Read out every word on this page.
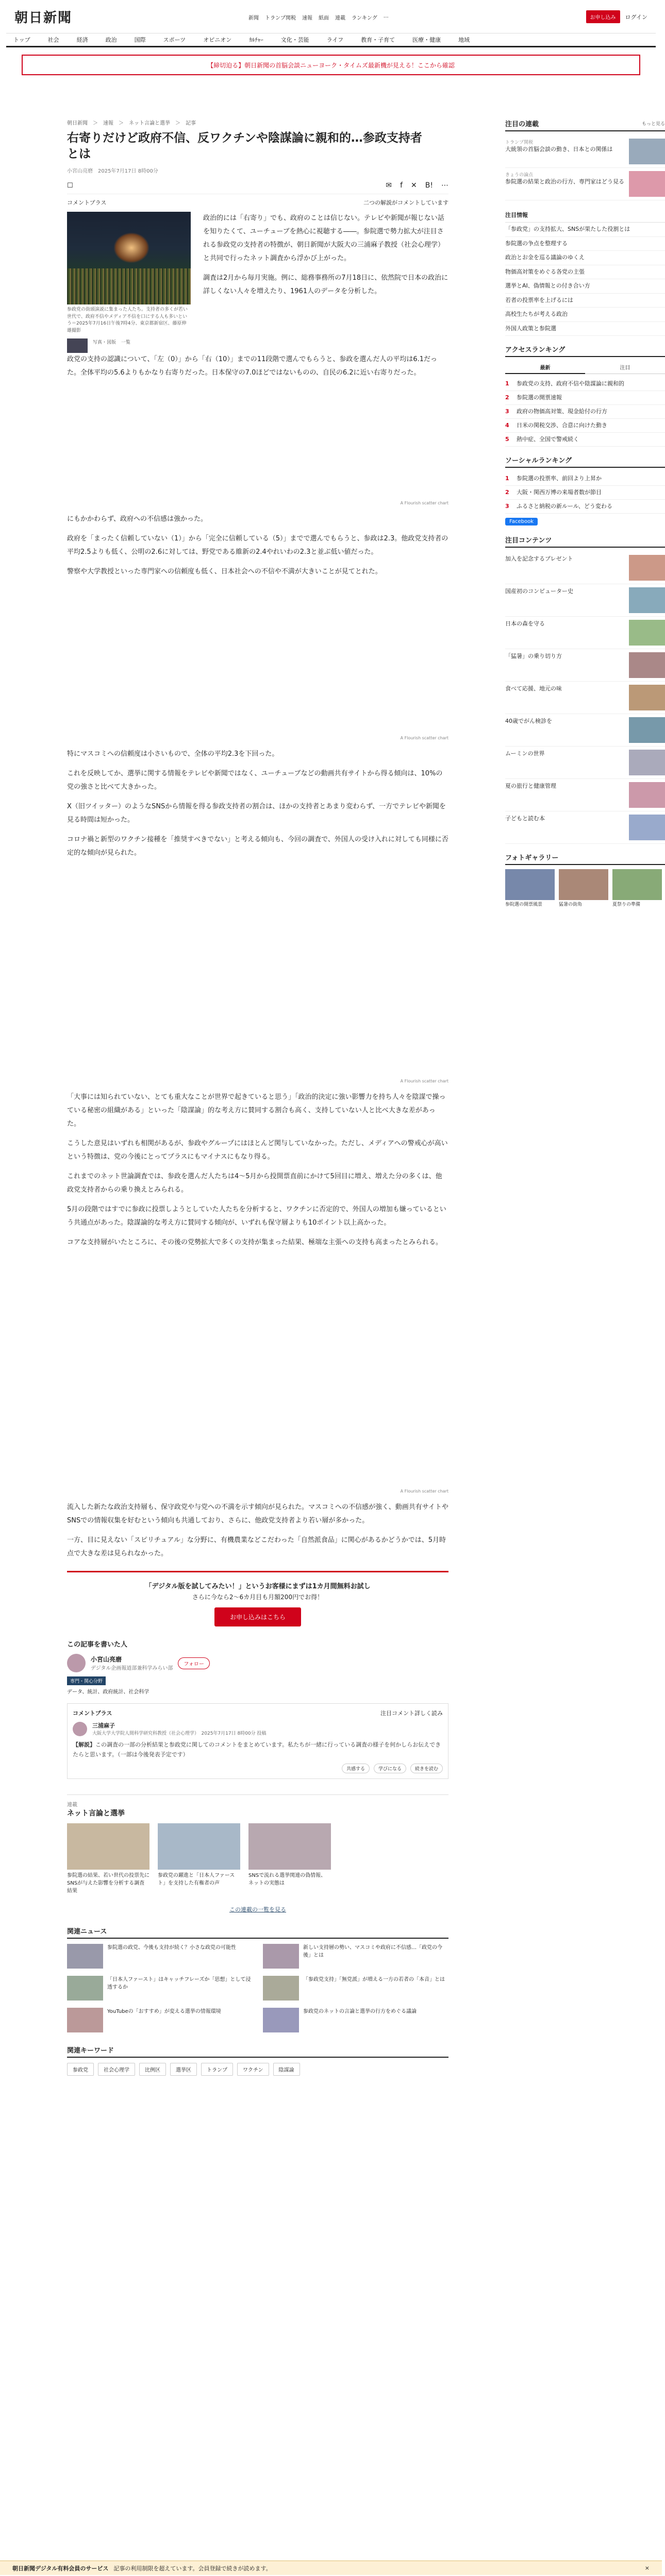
朝日新聞	新聞 トランプ関税 速報 紙面 連載 ランキング …	お申し込み	ログイン
トップ	社会	経済	政治	国際	スポーツ	オピニオン	ｶﾙﾁｬｰ	文化・芸能	ライフ	教育・子育て	医療・健康	地域
【締切迫る】朝日新聞の首脳会談ニューヨーク・タイムズ最新機が見える！ここから確認
朝日新聞　＞　速報　＞　ネット言論と選挙　＞　記事
右寄りだけど政府不信、反ワクチンや陰謀論に親和的…参政支持者とは
小宮山亮磨　2025年7月17日 8時00分
☐	✉ f ✕ B! ⋯
コメントプラス	二つの解説がコメントしています
参政党の街頭演説に集まった人たち。支持者の多くが若い世代で、政府不信やメディア不信を口にする人も多いという＝2025年7月16日午後7時4分、東京都新宿区、藤原伸雄撮影
写真・図版 一覧

政治的には「右寄り」でも、政府のことは信じない。テレビや新聞が報じない話を知りたくて、ユーチューブを熱心に視聴する――。参院選で勢力拡大が注目される参政党の支持者の特徴が、朝日新聞が大阪大の三浦麻子教授（社会心理学）と共同で行ったネット調査から浮かび上がった。

調査は2月から毎月実施。例に、総務事務所の7月18日に、依然院で日本の政治に詳しくない人々を増えたり、1961人のデータを分析した。

政党の支持の認識について、「左（0）」から「右（10）」までの11段階で選んでもらうと、参政を選んだ人の平均は6.1だった。全体平均の5.6よりもかなり右寄りだった。日本保守の7.0ほどではないものの、自民の6.2に近い右寄りだった。

A Flourish scatter chart

にもかかわらず、政府への不信感は強かった。

政府を「まったく信頼していない（1）」から「完全に信頼している（5）」までで選んでもらうと、参政は2.3。他政党支持者の平均2.5よりも低く、公明の2.6に対しては、野党である維新の2.4やれいわの2.3と並ぶ低い値だった。

警察や大学教授といった専門家への信頼度も低く、日本社会への不信や不満が大きいことが見てとれた。

A Flourish scatter chart

特にマスコミへの信頼度は小さいもので、全体の平均2.3を下回った。

これを反映してか、選挙に関する情報をテレビや新聞ではなく、ユーチューブなどの動画共有サイトから得る傾向は、10%の党の強さと比べて大きかった。

X（旧ツイッター）のようなSNSから情報を得る参政支持者の割合は、ほかの支持者とあまり変わらず、一方でテレビや新聞を見る時間は短かった。

コロナ禍と新型のワクチン接種を「推奨すべきでない」と考える傾向も、今回の調査で、外国人の受け入れに対しても同様に否定的な傾向が見られた。

A Flourish scatter chart

「大事には知られていない、とても重大なことが世界で起きていると思う」「政治的決定に強い影響力を持ち人々を陰謀で操っている秘密の組織がある」といった「陰謀論」的な考え方に賛同する割合も高く、支持していない人と比べ大きな差があった。

こうした意見はいずれも相関があるが、参政やグループにはほとんど関与していなかった。ただし、メディアへの警戒心が高いという特徴は、党の今後にとってプラスにもマイナスにもなり得る。

これまでのネット世論調査では、参政を選んだ人たちは4〜5月から投開票直前にかけて5回目に増え、増えた分の多くは、他政党支持者からの乗り換えとみられる。

5月の段階ではすでに参政に投票しようとしていた人たちを分析すると、ワクチンに否定的で、外国人の増加も嫌っているという共通点があった。陰謀論的な考え方に賛同する傾向が、いずれも保守層よりも10ポイント以上高かった。

コアな支持層がいたところに、その後の党勢拡大で多くの支持が集まった結果、極端な主張への支持も高まったとみられる。

A Flourish scatter chart

流入した新たな政治支持層も、保守政党や与党への不満を示す傾向が見られた。マスコミへの不信感が強く、動画共有サイトやSNSでの情報収集を好むという傾向も共通しており、さらに、他政党支持者より若い層が多かった。

一方、目に見えない「スピリチュアル」な分野に、有機農業などこだわった「自然派食品」に関心があるかどうかでは、5月時点で大きな差は見られなかった。

「デジタル版を試してみたい！」というお客様にまずは1カ月間無料お試し
さらに今なら2〜6カ月目も月額200円でお得！
お申し込みはこちら
この記事を書いた人
小宮山亮磨
デジタル企画報道部兼科学みらい部
フォロー
専門・関心分野
データ、統計、政府統計、社会科学
コメントプラス	注目コメント詳しく読み
三浦麻子
大阪大学大学院人間科学研究科教授（社会心理学）　 2025年7月17日 8時00分 投稿
【解説】この調査の一部の分析結果と参政党に関してのコメントをまとめています。私たちが一緒に行っている調査の様子を何かしらお伝えできたらと思います。（一部は今後発表予定です）
共感する	学びになる	続きを読む
連載
ネット言論と選挙

参院選の結果、若い世代の投票先にSNSが与えた影響を分析する調査結果

参政党の躍進と「日本人ファースト」を支持した有権者の声

SNSで流れる選挙関連の偽情報、ネットの実態は

この連載の一覧を見る
関連ニュース

参院選の政党、今後も支持が続く？小さな政党の可能性	新しい支持層の勢い、マスコミや政府に不信感…「政党の今後」とは

「日本人ファースト」はキャッチフレーズか「思想」として浸透するか

「参政党支持」「無党派」が増える一方の若者の「本音」とは

YouTubeの「おすすめ」が変える選挙の情報環境	参政党のネットの言論と選挙の行方をめぐる議論

関連キーワード
参政党	社会心理学	比例区	選挙区	トランプ	ワクチン	陰謀論
注目の連載	もっと見る
トランプ関税

大統領の首脳会談の動き、日本との関係は

きょうの論点

参院選の結果と政治の行方、専門家はどう見る

注目情報

「参政党」の支持拡大、SNSが果たした役割とは

参院選の争点を整理する

政治とお金を巡る議論のゆくえ

物価高対策をめぐる各党の主張

選挙とAI、偽情報との付き合い方

若者の投票率を上げるには

高校生たちが考える政治

外国人政策と参院選

アクセスランキング
最新	注目
1	参政党の支持、政府不信や陰謀論に親和的
2	参院選の開票速報
3	政府の物価高対策、現金給付の行方
4	日米の関税交渉、合意に向けた動き
5	熱中症、全国で警戒続く
ソーシャルランキング
1	参院選の投票率、前回より上昇か
2	大阪・関西万博の来場者数が節目
3	ふるさと納税の新ルール、どう変わる
Facebook
注目コンテンツ

加入を記念するプレゼント

国産初のコンピューター史

日本の森を守る

「猛暑」の乗り切り方

食べて応援、地元の味

40歳でがん検診を

ムーミンの世界

夏の旅行と健康管理

子どもと読む本

フォトギャラリー

参院選の開票風景	猛暑の街角	夏祭りの準備

朝日新聞デジタル有料会員のサービス 記事の利用制限を超えています。会員登録で続きが読めます。	×
